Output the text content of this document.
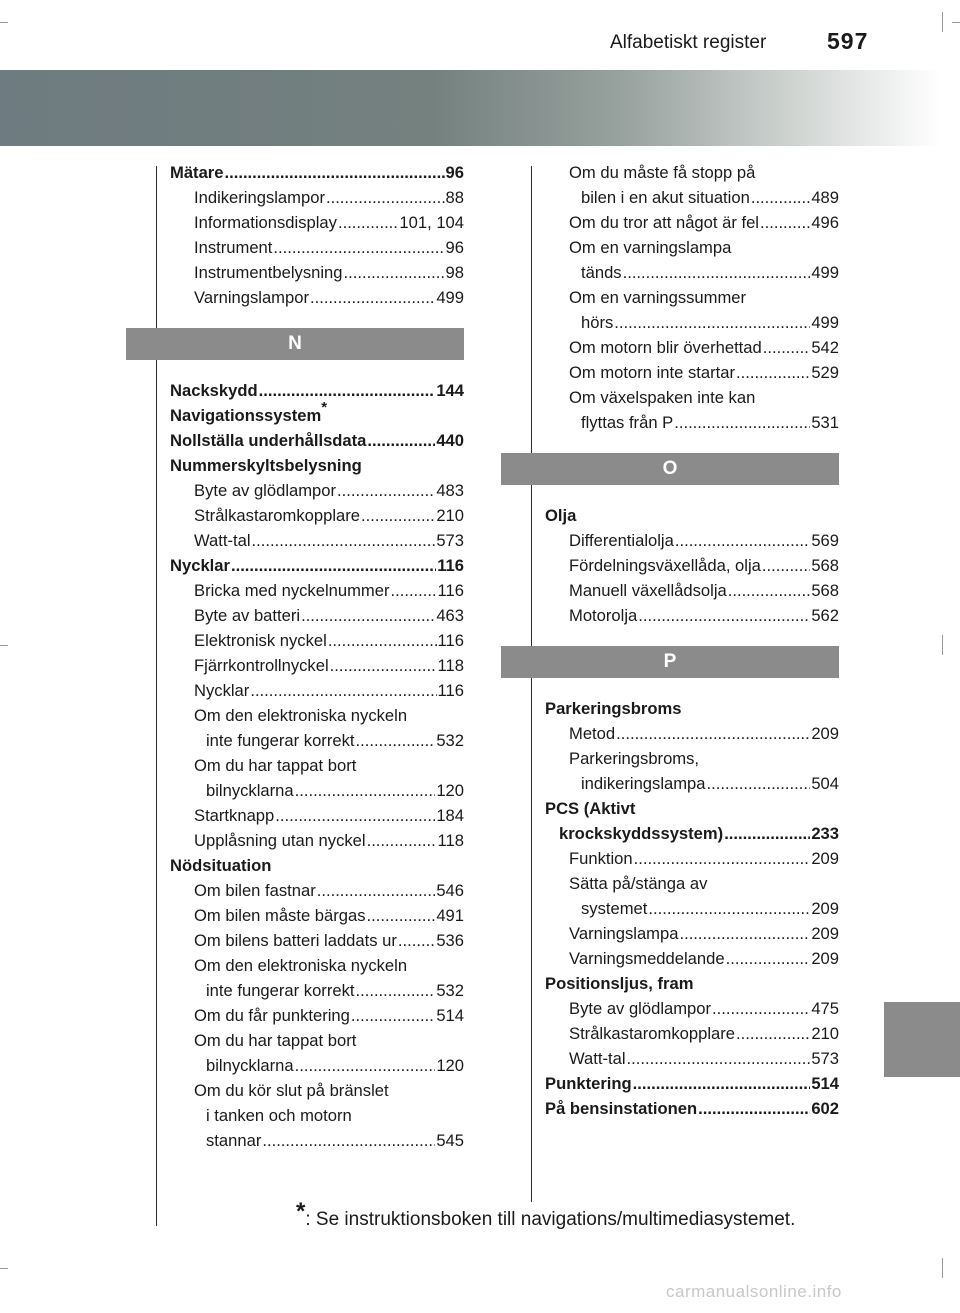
Alfabetiskt register	597
Mätare .....	96
Indikeringslampor .....	88
Informationsdisplay .....	101, 104
Instrument .....	96
Instrumentbelysning .....	98
Varningslampor .....	499
N
Nackskydd .....	144
Navigationssystem*
Nollställa underhållsdata .....	440
Nummerskyltsbelysning
Byte av glödlampor .....	483
Strålkastaromkopplare .....	210
Watt-tal .....	573
Nycklar .....	116
Bricka med nyckelnummer .....	116
Byte av batteri .....	463
Elektronisk nyckel .....	116
Fjärrkontrollnyckel .....	118
Nycklar .....	116
Om den elektroniska nyckeln
inte fungerar korrekt .....	532
Om du har tappat bort
bilnycklarna .....	120
Startknapp .....	184
Upplåsning utan nyckel .....	118
Nödsituation
Om bilen fastnar .....	546
Om bilen måste bärgas .....	491
Om bilens batteri laddats ur ..... 536
Om den elektroniska nyckeln
inte fungerar korrekt .....	532
Om du får punktering .....	514
Om du har tappat bort
bilnycklarna .....	120
Om du kör slut på bränslet
i tanken och motorn
stannar .....	545
Om du måste få stopp på
bilen i en akut situation .....	489
Om du tror att något är fel .....	496
Om en varningslampa
tänds .....	499
Om en varningssummer
hörs .....	499
Om motorn blir överhettad .....	542
Om motorn inte startar .....	529
Om växelspaken inte kan
flyttas från P .....	531
O
Olja
Differentialolja .....	569
Fördelningsväxellåda, olja .....	568
Manuell växellådsolja .....	568
Motorolja .....	562
P
Parkeringsbroms
Metod .....	209
Parkeringsbroms,
indikeringslampa .....	504
PCS (Aktivt
krockskyddssystem) .....	233
Funktion .....	209
Sätta på/stänga av
systemet .....	209
Varningslampa .....	209
Varningsmeddelande .....	209
Positionsljus, fram
Byte av glödlampor .....	475
Strålkastaromkopplare .....	210
Watt-tal .....	573
Punktering .....	514
På bensinstationen .....	602
*: Se instruktionsboken till navigations/multimediasystemet.
carmanualsonline.info
